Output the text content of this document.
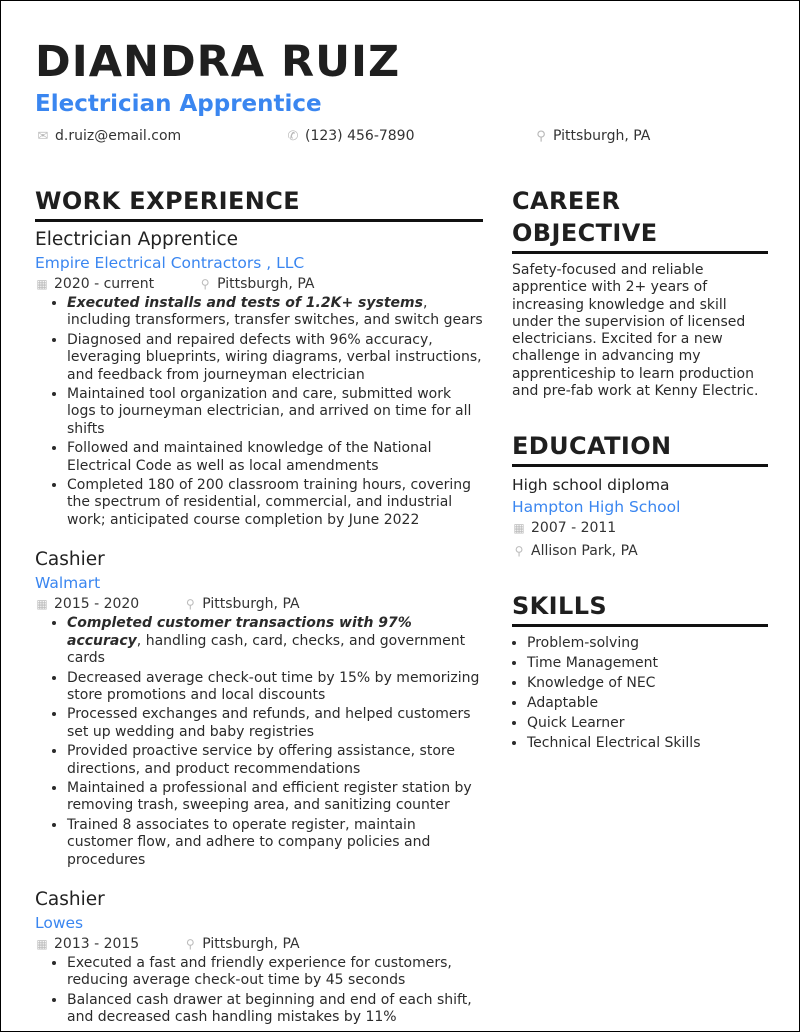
DIANDRA RUIZ
Electrician Apprentice
✉ d.ruiz@email.com	✆ (123) 456-7890	⚲ Pittsburgh, PA
WORK EXPERIENCE
Electrician Apprentice
Empire Electrical Contractors , LLC
▦ 2020 - current	⚲ Pittsburgh, PA
• Executed installs and tests of 1.2K+ systems, including transformers, transfer switches, and switch gears
• Diagnosed and repaired defects with 96% accuracy, leveraging blueprints, wiring diagrams, verbal instructions, and feedback from journeyman electrician
• Maintained tool organization and care, submitted work logs to journeyman electrician, and arrived on time for all shifts
• Followed and maintained knowledge of the National Electrical Code as well as local amendments
• Completed 180 of 200 classroom training hours, covering the spectrum of residential, commercial, and industrial work; anticipated course completion by June 2022
Cashier
Walmart
▦ 2015 - 2020	⚲ Pittsburgh, PA
• Completed customer transactions with 97% accuracy, handling cash, card, checks, and government cards
• Decreased average check-out time by 15% by memorizing store promotions and local discounts
• Processed exchanges and refunds, and helped customers set up wedding and baby registries
• Provided proactive service by offering assistance, store directions, and product recommendations
• Maintained a professional and efficient register station by removing trash, sweeping area, and sanitizing counter
• Trained 8 associates to operate register, maintain customer flow, and adhere to company policies and procedures
Cashier
Lowes
▦ 2013 - 2015	⚲ Pittsburgh, PA
• Executed a fast and friendly experience for customers, reducing average check-out time by 45 seconds
• Balanced cash drawer at beginning and end of each shift, and decreased cash handling mistakes by 11%
CAREER
OBJECTIVE

Safety-focused and reliable apprentice with 2+ years of increasing knowledge and skill under the supervision of licensed electricians. Excited for a new challenge in advancing my apprenticeship to learn production and pre-fab work at Kenny Electric.

EDUCATION
High school diploma
Hampton High School
▦ 2007 - 2011
⚲ Allison Park, PA
SKILLS
• Problem-solving
• Time Management
• Knowledge of NEC
• Adaptable
• Quick Learner
• Technical Electrical Skills
